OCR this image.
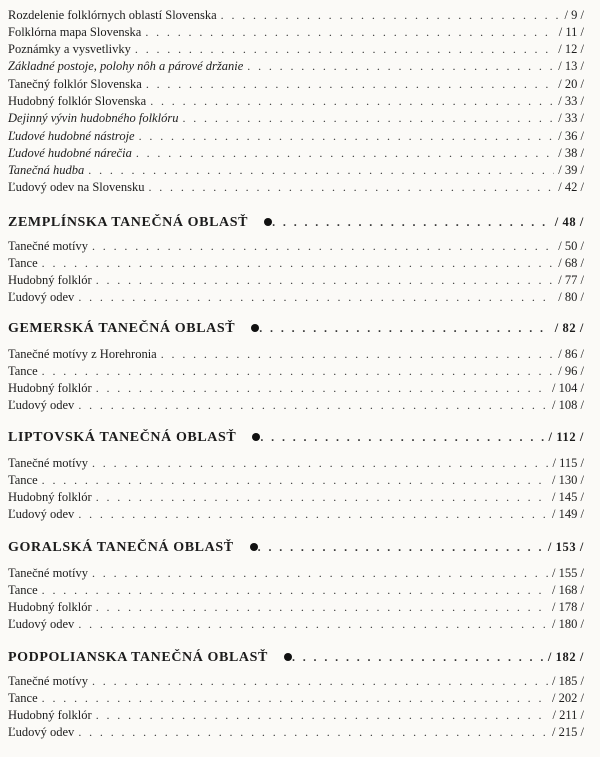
Rozdelenie folklórnych oblastí Slovenska . . .	/ 9 /
Folklórna mapa Slovenska . . .	/ 11 /
Poznámky a vysvetlivky . . .	/ 12 /
Základné postoje, polohy nôh a párové držanie . . .	/ 13 /
Tanečný folklór Slovenska . . .	/ 20 /
Hudobný folklór Slovenska . . .	/ 33 /
Dejinný vývin hudobného folklóru . . .	/ 33 /
Ľudové hudobné nástroje . . .	/ 36 /
Ľudové hudobné nárečia . . .	/ 38 /
Tanečná hudba . . .	/ 39 /
Ľudový odev na Slovensku . . .	/ 42 /
ZEMPLÍNSKA TANEČNÁ OBLASŤ . . .	/ 48 /
Tanečné motívy . . .	/ 50 /
Tance . . .	/ 68 /
Hudobný folklór . . .	/ 77 /
Ľudový odev . . .	/ 80 /
GEMERSKÁ TANEČNÁ OBLASŤ . . .	/ 82 /
Tanečné motívy z Horehronia . . .	/ 86 /
Tance . . .	/ 96 /
Hudobný folklór . . .	/ 104 /
Ľudový odev . . .	/ 108 /
LIPTOVSKÁ TANEČNÁ OBLASŤ . . .	/ 112 /
Tanečné motívy . . .	/ 115 /
Tance . . .	/ 130 /
Hudobný folklór . . .	/ 145 /
Ľudový odev . . .	/ 149 /
GORALSKÁ TANEČNÁ OBLASŤ . . .	/ 153 /
Tanečné motívy . . .	/ 155 /
Tance . . .	/ 168 /
Hudobný folklór . . .	/ 178 /
Ľudový odev . . .	/ 180 /
PODPOLIANSKA TANEČNÁ OBLASŤ . . .	/ 182 /
Tanečné motívy . . .	/ 185 /
Tance . . .	/ 202 /
Hudobný folklór . . .	/ 211 /
Ľudový odev . . .	/ 215 /
